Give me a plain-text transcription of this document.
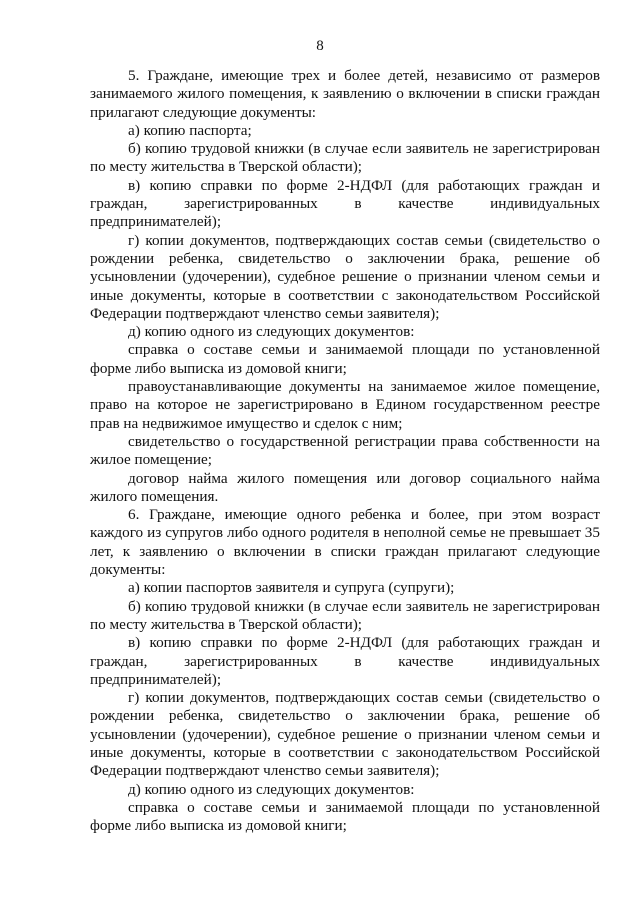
8

5. Граждане, имеющие трех и более детей, независимо от размеров занимаемого жилого помещения, к заявлению о включении в списки граждан прилагают следующие документы:

а) копию паспорта;

б) копию трудовой книжки (в случае если заявитель не зарегистрирован по месту жительства в Тверской области);

в) копию справки по форме 2-НДФЛ (для работающих граждан и граждан, зарегистрированных в качестве индивидуальных предпринимателей);

г) копии документов, подтверждающих состав семьи (свидетельство о рождении ребенка, свидетельство о заключении брака, решение об усыновлении (удочерении), судебное решение о признании членом семьи и иные документы, которые в соответствии с законодательством Российской Федерации подтверждают членство семьи заявителя);

д) копию одного из следующих документов:

справка о составе семьи и занимаемой площади по установленной форме либо выписка из домовой книги;

правоустанавливающие документы на занимаемое жилое помещение, право на которое не зарегистрировано в Едином государственном реестре прав на недвижимое имущество и сделок с ним;

свидетельство о государственной регистрации права собственности на жилое помещение;

договор найма жилого помещения или договор социального найма жилого помещения.

6. Граждане, имеющие одного ребенка и более, при этом возраст каждого из супругов либо одного родителя в неполной семье не превышает 35 лет, к заявлению о включении в списки граждан прилагают следующие документы:

а) копии паспортов заявителя и супруга (супруги);

б) копию трудовой книжки (в случае если заявитель не зарегистрирован по месту жительства в Тверской области);

в) копию справки по форме 2-НДФЛ (для работающих граждан и граждан, зарегистрированных в качестве индивидуальных предпринимателей);

г) копии документов, подтверждающих состав семьи (свидетельство о рождении ребенка, свидетельство о заключении брака, решение об усыновлении (удочерении), судебное решение о признании членом семьи и иные документы, которые в соответствии с законодательством Российской Федерации подтверждают членство семьи заявителя);

д) копию одного из следующих документов:

справка о составе семьи и занимаемой площади по установленной форме либо выписка из домовой книги;
